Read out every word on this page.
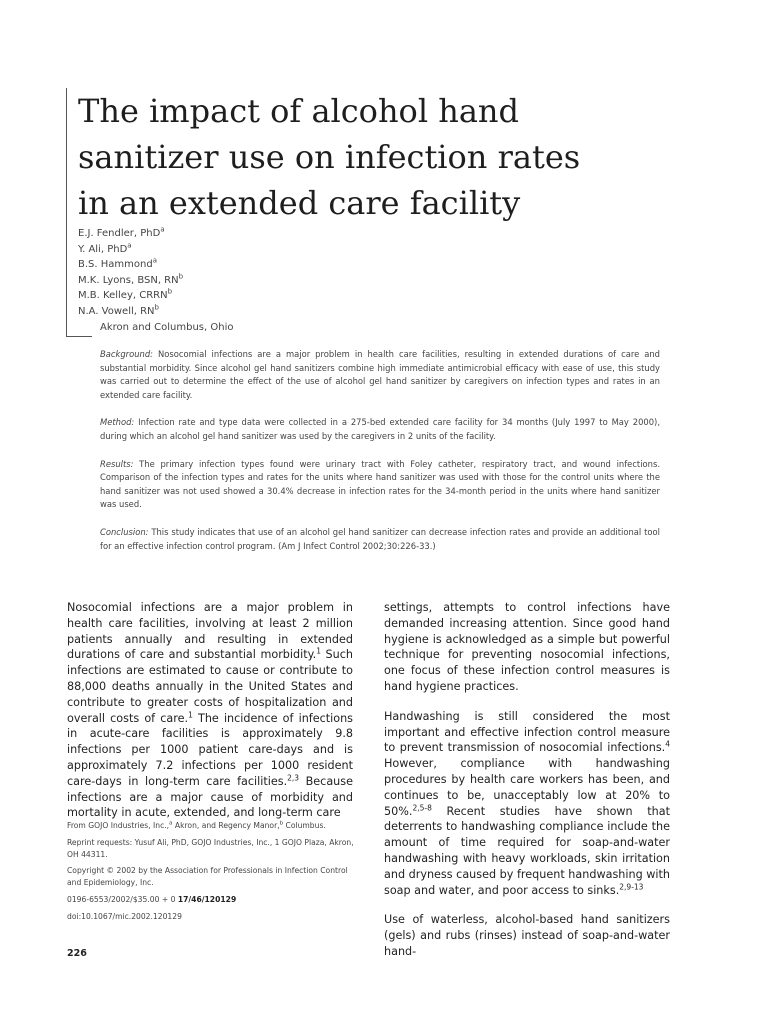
The impact of alcohol hand
sanitizer use on infection rates
in an extended care facility
E.J. Fendler, PhD$^a$
Y. Ali, PhD$^a$
B.S. Hammond$^a$
M.K. Lyons, BSN, $RN^b$
M.B. Kelley, CRRN$^b$
N.A. Vowell, $RN^b$
Akron and Columbus, Ohio

Background: Nosocomial infections are a major problem in health care facilities, resulting in extended durations of care and substantial morbidity. Since alcohol gel hand sanitizers combine high immediate antimicrobial efficacy with ease of use, this study was carried out to determine the effect of the use of alcohol gel hand sanitizer by caregivers on infection types and rates in an extended care facility.

Method: Infection rate and type data were collected in a 275-bed extended care facility for 34 months (July 1997 to May 2000), during which an alcohol gel hand sanitizer was used by the caregivers in 2 units of the facility.

Results: The primary infection types found were urinary tract with Foley catheter, respiratory tract, and wound infections. Comparison of the infection types and rates for the units where hand sanitizer was used with those for the control units where the hand sanitizer was not used showed a 30.4% decrease in infection rates for the 34-month period in the units where hand sanitizer was used.

Conclusion: This study indicates that use of an alcohol gel hand sanitizer can decrease infection rates and provide an additional tool for an effective infection control program. (Am J Infect Control 2002;30:226-33.)

Nosocomial infections are a major problem in health care facilities, involving at least 2 million patients annually and resulting in extended durations of care and substantial morbidity.$^1$ Such infections are estimated to cause or contribute to 88,000 deaths annually in the United States and contribute to greater costs of hospitalization and overall costs of care.$^1$ The incidence of infections in acute-care facilities is approximately 9.8 infections per 1000 patient care-days and is approximately 7.2 infections per 1000 resident care-days in long-term care facilities.$^{2,3}$ Because infections are a major cause of morbidity and mortality in acute, extended, and long-term care

From GOJO Industries, Inc.,$^a$ Akron, and Regency Manor,$^b$ Columbus.

Reprint requests: Yusuf Ali, PhD, GOJO Industries, Inc., 1 GOJO Plaza, Akron, OH 44311.

Copyright © 2002 by the Association for Professionals in Infection Control and Epidemiology, Inc.

0196-6553/2002/$35.00 + 0 17/46/120129

doi:10.1067/mic.2002.120129

settings, attempts to control infections have demanded increasing attention. Since good hand hygiene is acknowledged as a simple but powerful technique for preventing nosocomial infections, one focus of these infection control measures is hand hygiene practices.

Handwashing is still considered the most important and effective infection control measure to prevent transmission of nosocomial infections.$^4$ However, compliance with handwashing procedures by health care workers has been, and continues to be, unacceptably low at 20% to 50%.$^{2,5-8}$ Recent studies have shown that deterrents to handwashing compliance include the amount of time required for soap-and-water handwashing with heavy workloads, skin irritation and dryness caused by frequent handwashing with soap and water, and poor access to sinks.$^{2,9-13}$

Use of waterless, alcohol-based hand sanitizers (gels) and rubs (rinses) instead of soap-and-water hand-

226
